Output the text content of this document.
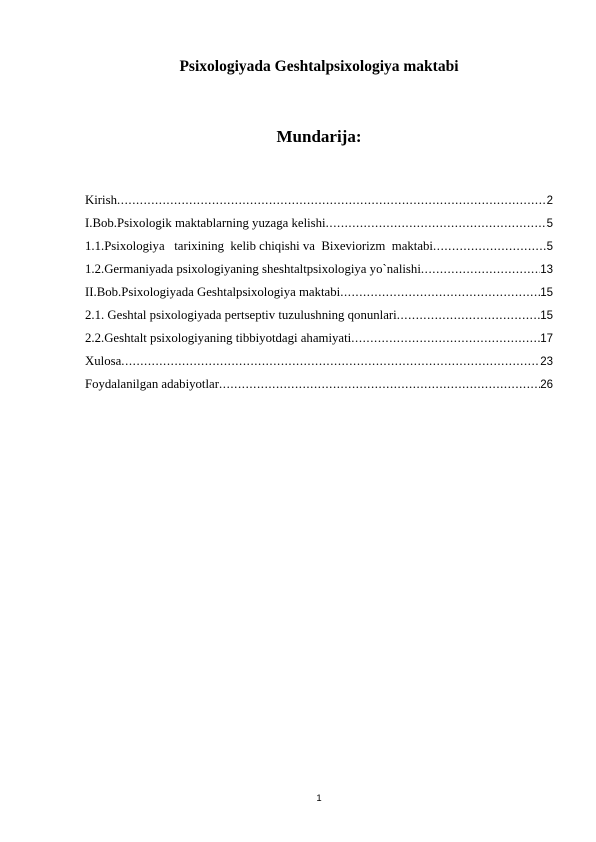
Psixologiyada Geshtalpsixologiya maktabi
Mundarija:
Kirish .....	2
I.Bob.Psixologik maktablarning yuzaga kelishi .....	5
1.1.Psixologiya   tarixining  kelib chiqishi va  Bixeviorizm  maktabi .....	5
1.2.Germaniyada psixologiyaning sheshtaltpsixologiya yo`nalishi .....	13
II.Bob.Psixologiyada Geshtalpsixologiya maktabi .....	15
2.1. Geshtal psixologiyada pertseptiv tuzulushning qonunlari .....	15
2.2.Geshtalt psixologiyaning tibbiyotdagi ahamiyati .....	17
Xulosa .....	23
Foydalanilgan adabiyotlar .....	26
1
